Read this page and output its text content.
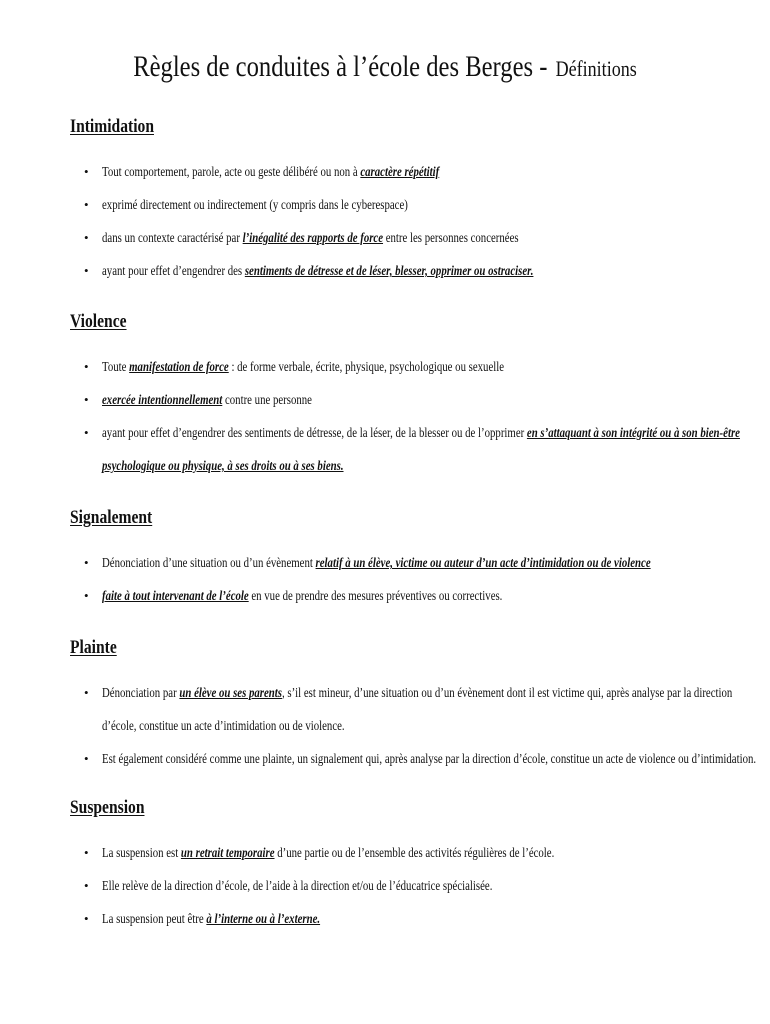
Règles de conduites à l’école des Berges - Définitions
Intimidation
• Tout comportement, parole, acte ou geste délibéré ou non à caractère répétitif
• exprimé directement ou indirectement (y compris dans le cyberespace)
• dans un contexte caractérisé par l’inégalité des rapports de force entre les personnes concernées
• ayant pour effet d’engendrer des sentiments de détresse et de léser, blesser, opprimer ou ostraciser.
Violence
• Toute manifestation de force : de forme verbale, écrite, physique, psychologique ou sexuelle
• exercée intentionnellement contre une personne
• ayant pour effet d’engendrer des sentiments de détresse, de la léser, de la blesser ou de l’opprimer en s’attaquant à son intégrité ou à son bien-être
psychologique ou physique, à ses droits ou à ses biens.
Signalement
• Dénonciation d’une situation ou d’un évènement relatif à un élève, victime ou auteur d’un acte d’intimidation ou de violence
• faite à tout intervenant de l’école en vue de prendre des mesures préventives ou correctives.
Plainte
• Dénonciation par un élève ou ses parents, s’il est mineur, d’une situation ou d’un évènement dont il est victime qui, après analyse par la direction
d’école, constitue un acte d’intimidation ou de violence.
• Est également considéré comme une plainte, un signalement qui, après analyse par la direction d’école, constitue un acte de violence ou d’intimidation.
Suspension
• La suspension est un retrait temporaire d’une partie ou de l’ensemble des activités régulières de l’école.
• Elle relève de la direction d’école, de l’aide à la direction et/ou de l’éducatrice spécialisée.
• La suspension peut être à l’interne ou à l’externe.
